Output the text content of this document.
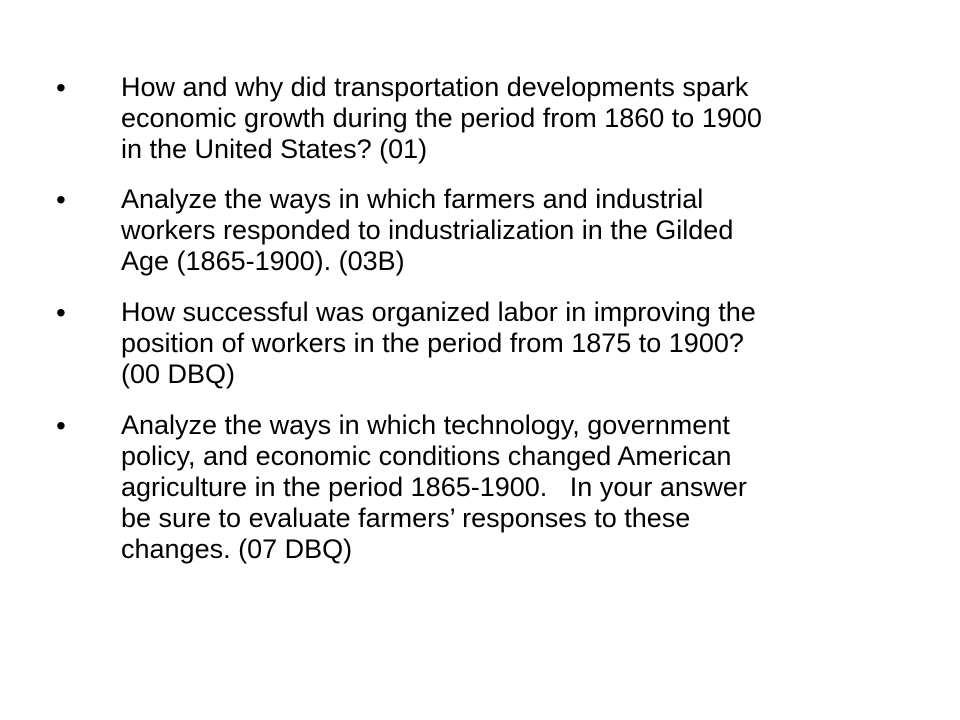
• How and why did transportation developments spark
economic growth during the period from 1860 to 1900
in the United States? (01)
• Analyze the ways in which farmers and industrial
workers responded to industrialization in the Gilded
Age (1865-1900). (03B)
• How successful was organized labor in improving the
position of workers in the period from 1875 to 1900?
(00 DBQ)
• Analyze the ways in which technology, government
policy, and economic conditions changed American
agriculture in the period 1865-1900.   In your answer
be sure to evaluate farmers’ responses to these
changes. (07 DBQ)
